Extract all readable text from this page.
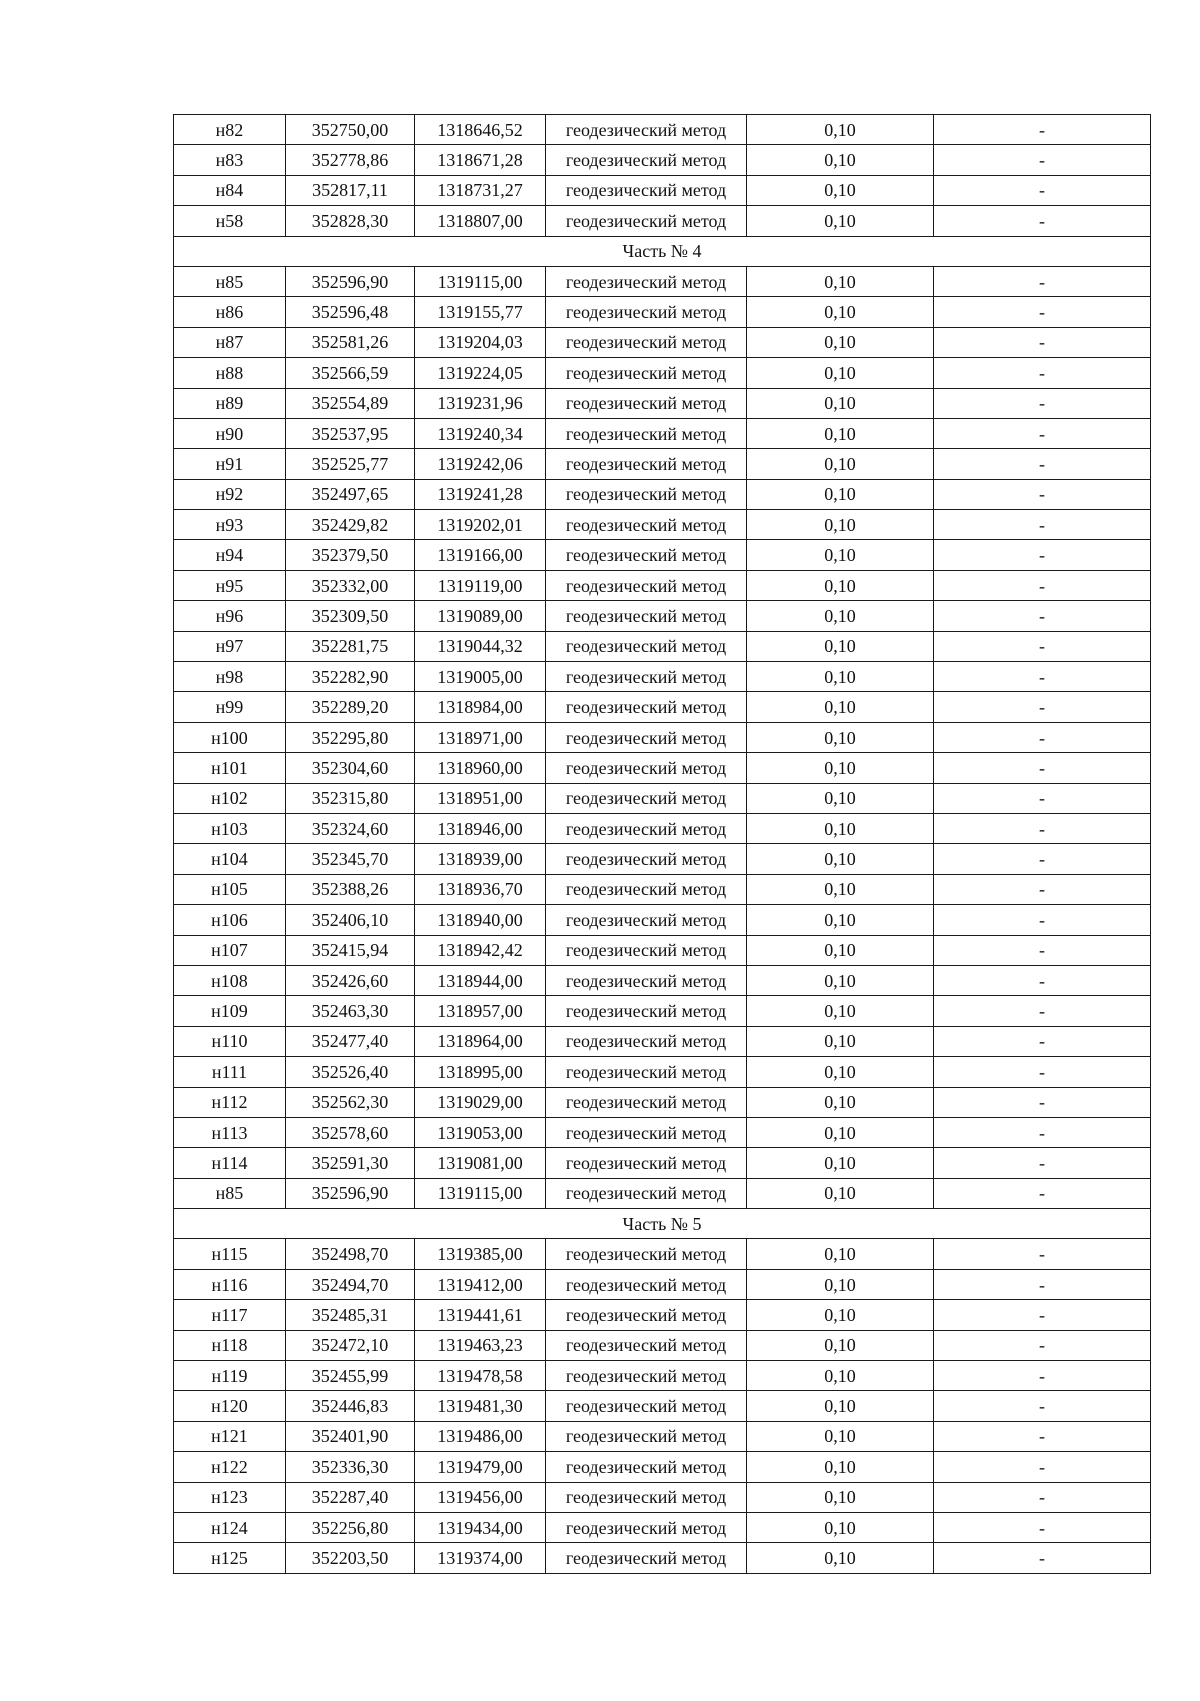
н82	352750,00	1318646,52	геодезический метод	0,10	-
н83	352778,86	1318671,28	геодезический метод	0,10	-
н84	352817,11	1318731,27	геодезический метод	0,10	-
н58	352828,30	1318807,00	геодезический метод	0,10	-
Часть № 4					
н85	352596,90	1319115,00	геодезический метод	0,10	-
н86	352596,48	1319155,77	геодезический метод	0,10	-
н87	352581,26	1319204,03	геодезический метод	0,10	-
н88	352566,59	1319224,05	геодезический метод	0,10	-
н89	352554,89	1319231,96	геодезический метод	0,10	-
н90	352537,95	1319240,34	геодезический метод	0,10	-
н91	352525,77	1319242,06	геодезический метод	0,10	-
н92	352497,65	1319241,28	геодезический метод	0,10	-
н93	352429,82	1319202,01	геодезический метод	0,10	-
н94	352379,50	1319166,00	геодезический метод	0,10	-
н95	352332,00	1319119,00	геодезический метод	0,10	-
н96	352309,50	1319089,00	геодезический метод	0,10	-
н97	352281,75	1319044,32	геодезический метод	0,10	-
н98	352282,90	1319005,00	геодезический метод	0,10	-
н99	352289,20	1318984,00	геодезический метод	0,10	-
н100	352295,80	1318971,00	геодезический метод	0,10	-
н101	352304,60	1318960,00	геодезический метод	0,10	-
н102	352315,80	1318951,00	геодезический метод	0,10	-
н103	352324,60	1318946,00	геодезический метод	0,10	-
н104	352345,70	1318939,00	геодезический метод	0,10	-
н105	352388,26	1318936,70	геодезический метод	0,10	-
н106	352406,10	1318940,00	геодезический метод	0,10	-
н107	352415,94	1318942,42	геодезический метод	0,10	-
н108	352426,60	1318944,00	геодезический метод	0,10	-
н109	352463,30	1318957,00	геодезический метод	0,10	-
н110	352477,40	1318964,00	геодезический метод	0,10	-
н111	352526,40	1318995,00	геодезический метод	0,10	-
н112	352562,30	1319029,00	геодезический метод	0,10	-
н113	352578,60	1319053,00	геодезический метод	0,10	-
н114	352591,30	1319081,00	геодезический метод	0,10	-
н85	352596,90	1319115,00	геодезический метод	0,10	-
Часть № 5					
н115	352498,70	1319385,00	геодезический метод	0,10	-
н116	352494,70	1319412,00	геодезический метод	0,10	-
н117	352485,31	1319441,61	геодезический метод	0,10	-
н118	352472,10	1319463,23	геодезический метод	0,10	-
н119	352455,99	1319478,58	геодезический метод	0,10	-
н120	352446,83	1319481,30	геодезический метод	0,10	-
н121	352401,90	1319486,00	геодезический метод	0,10	-
н122	352336,30	1319479,00	геодезический метод	0,10	-
н123	352287,40	1319456,00	геодезический метод	0,10	-
н124	352256,80	1319434,00	геодезический метод	0,10	-
н125	352203,50	1319374,00	геодезический метод	0,10	-
